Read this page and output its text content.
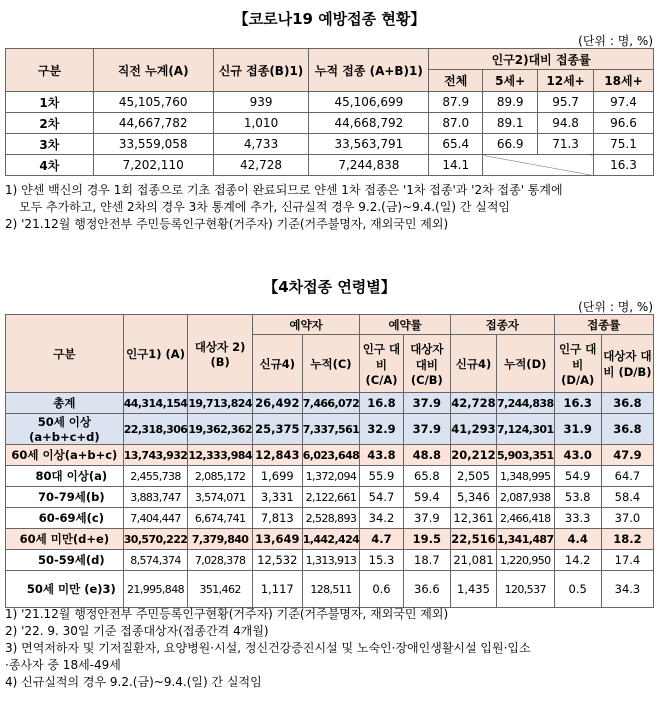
【코로나19 예방접종 현황】
(단위 : 명, %)
구분	직전 누계(A)	신규 접종(B)1)	누적 접종 (A+B)1)	인구2)대비 접종률			
				전체	5세+	12세+	18세+
1차	45,105,760	939	45,106,699	87.9	89.9	95.7	97.4
2차	44,667,782	1,010	44,668,792	87.0	89.1	94.8	96.6
3차	33,559,058	4,733	33,563,791	65.4	66.9	71.3	75.1
4차	7,202,110	42,728	7,244,838	14.1			16.3
1) 얀센 백신의 경우 1회 접종으로 기초 접종이 완료되므로 얀센 1차 접종은 '1차 접종'과 '2차 접종' 통계에
모두 추가하고, 얀센 2차의 경우 3차 통계에 추가, 신규실적 경우 9.2.(금)~9.4.(일) 간 실적임
2) '21.12월 행정안전부 주민등록인구현황(거주자) 기준(거주불명자, 재외국민 제외)
【4차접종 연령별】
(단위 : 명, %)
구분	인구1) (A)	대상자 2) (B)	예약자		예약률		접종자		접종률	
			신규4)	누적(C)	인구 대비 (C/A)	대상자 대비 (C/B)	신규4)	누적(D)	인구 대비 (D/A)	대상자 대비 (D/B)
총계	44,314,154	19,713,824	26,492	7,466,072	16.8	37.9	42,728	7,244,838	16.3	36.8
50세 이상(a+b+c+d)	22,318,306	19,362,362	25,375	7,337,561	32.9	37.9	41,293	7,124,301	31.9	36.8
60세 이상(a+b+c)	13,743,932	12,333,984	12,843	6,023,648	43.8	48.8	20,212	5,903,351	43.0	47.9
80대 이상(a)	2,455,738	2,085,172	1,699	1,372,094	55.9	65.8	2,505	1,348,995	54.9	64.7
70-79세(b)	3,883,747	3,574,071	3,331	2,122,661	54.7	59.4	5,346	2,087,938	53.8	58.4
60-69세(c)	7,404,447	6,674,741	7,813	2,528,893	34.2	37.9	12,361	2,466,418	33.3	37.0
60세 미만(d+e)	30,570,222	7,379,840	13,649	1,442,424	4.7	19.5	22,516	1,341,487	4.4	18.2
50-59세(d)	8,574,374	7,028,378	12,532	1,313,913	15.3	18.7	21,081	1,220,950	14.2	17.4
50세 미만 (e)3)	21,995,848	351,462	1,117	128,511	0.6	36.6	1,435	120,537	0.5	34.3
1) '21.12월 행정안전부 주민등록인구현황(거주자) 기준(거주불명자, 재외국민 제외)
2) '22. 9. 30일 기준 접종대상자(접종간격 4개월)
3) 면역저하자 및 기저질환자, 요양병원·시설, 정신건강증진시설 및 노숙인·장애인생활시설 입원·입소
·종사자 중 18세-49세
4) 신규실적의 경우 9.2.(금)~9.4.(일) 간 실적임
